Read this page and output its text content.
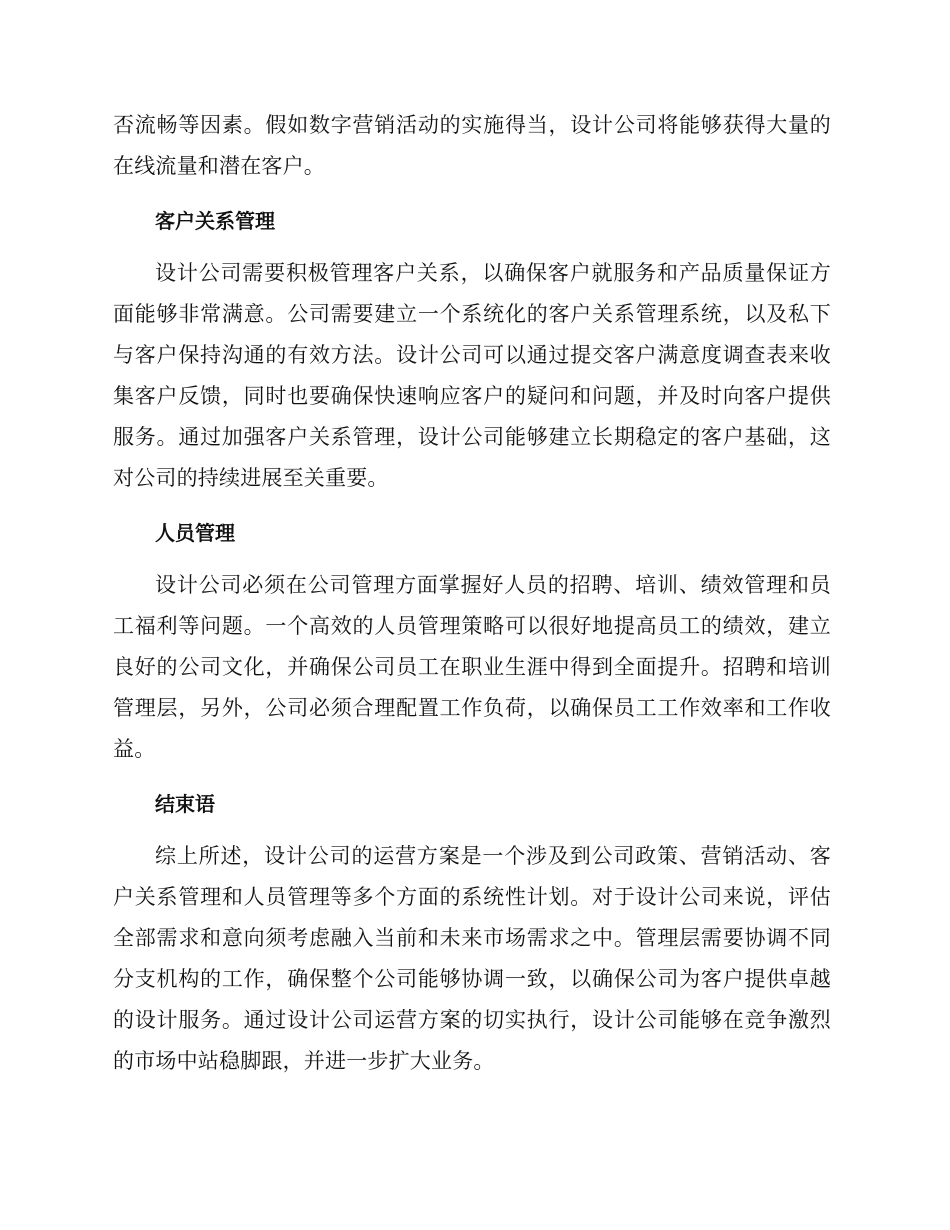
否流畅等因素。假如数字营销活动的实施得当，设计公司将能够获得大量的在线流量和潜在客户。

客户关系管理

设计公司需要积极管理客户关系，以确保客户就服务和产品质量保证方面能够非常满意。公司需要建立一个系统化的客户关系管理系统，以及私下与客户保持沟通的有效方法。设计公司可以通过提交客户满意度调查表来收集客户反馈，同时也要确保快速响应客户的疑问和问题，并及时向客户提供服务。通过加强客户关系管理，设计公司能够建立长期稳定的客户基础，这对公司的持续进展至关重要。

人员管理

设计公司必须在公司管理方面掌握好人员的招聘、培训、绩效管理和员工福利等问题。一个高效的人员管理策略可以很好地提高员工的绩效，建立良好的公司文化，并确保公司员工在职业生涯中得到全面提升。招聘和培训管理层，另外，公司必须合理配置工作负荷，以确保员工工作效率和工作收益。

结束语

综上所述，设计公司的运营方案是一个涉及到公司政策、营销活动、客户关系管理和人员管理等多个方面的系统性计划。对于设计公司来说，评估全部需求和意向须考虑融入当前和未来市场需求之中。管理层需要协调不同分支机构的工作，确保整个公司能够协调一致，以确保公司为客户提供卓越的设计服务。通过设计公司运营方案的切实执行，设计公司能够在竞争激烈的市场中站稳脚跟，并进一步扩大业务。
